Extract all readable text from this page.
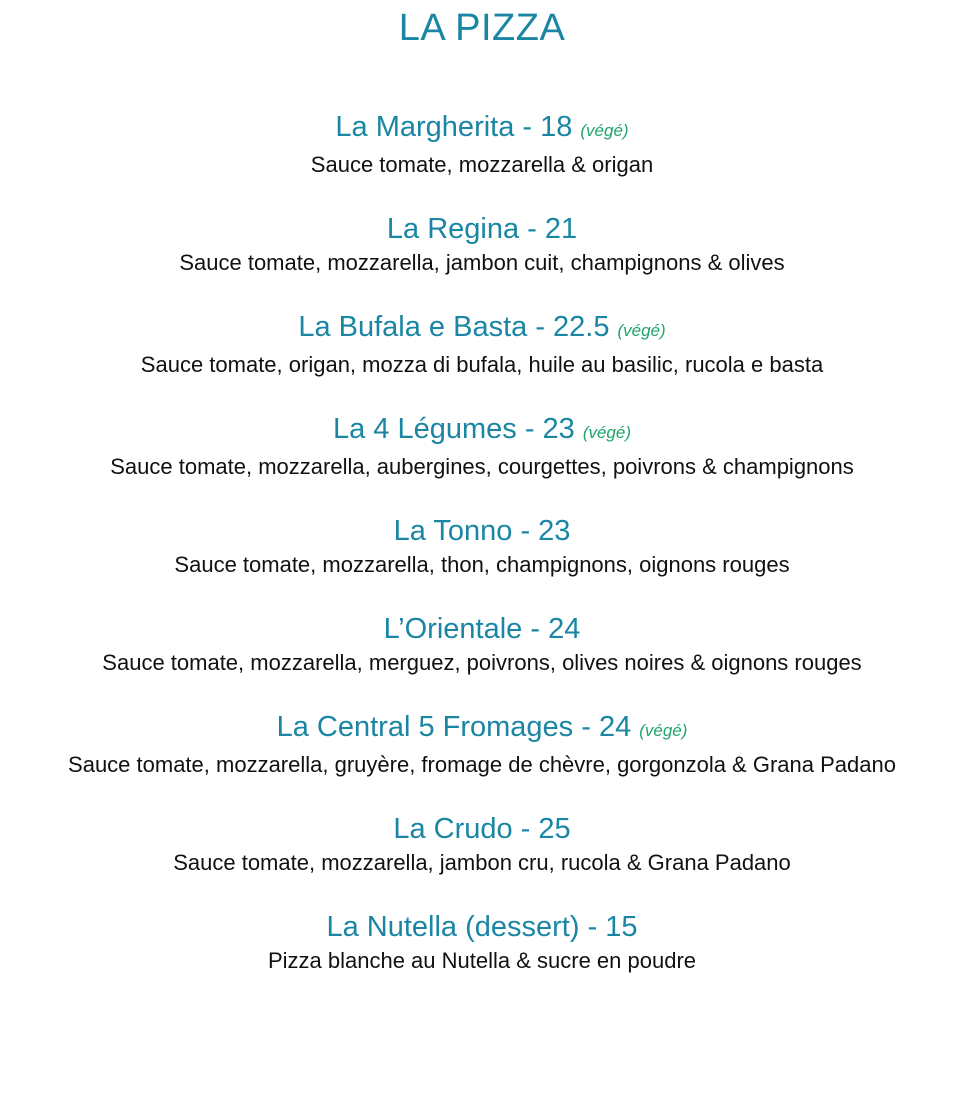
LA PIZZA
La Margherita - 18 (végé)
Sauce tomate, mozzarella & origan
La Regina - 21
Sauce tomate, mozzarella, jambon cuit, champignons & olives
La Bufala e Basta - 22.5 (végé)
Sauce tomate, origan, mozza di bufala, huile au basilic, rucola e basta
La 4 Légumes - 23 (végé)
Sauce tomate, mozzarella, aubergines, courgettes, poivrons & champignons
La Tonno - 23
Sauce tomate, mozzarella, thon, champignons, oignons rouges
L’Orientale - 24
Sauce tomate, mozzarella, merguez, poivrons, olives noires & oignons rouges
La Central 5 Fromages - 24 (végé)
Sauce tomate, mozzarella, gruyère, fromage de chèvre, gorgonzola & Grana Padano
La Crudo - 25
Sauce tomate, mozzarella, jambon cru, rucola & Grana Padano
La Nutella (dessert) - 15
Pizza blanche au Nutella & sucre en poudre
